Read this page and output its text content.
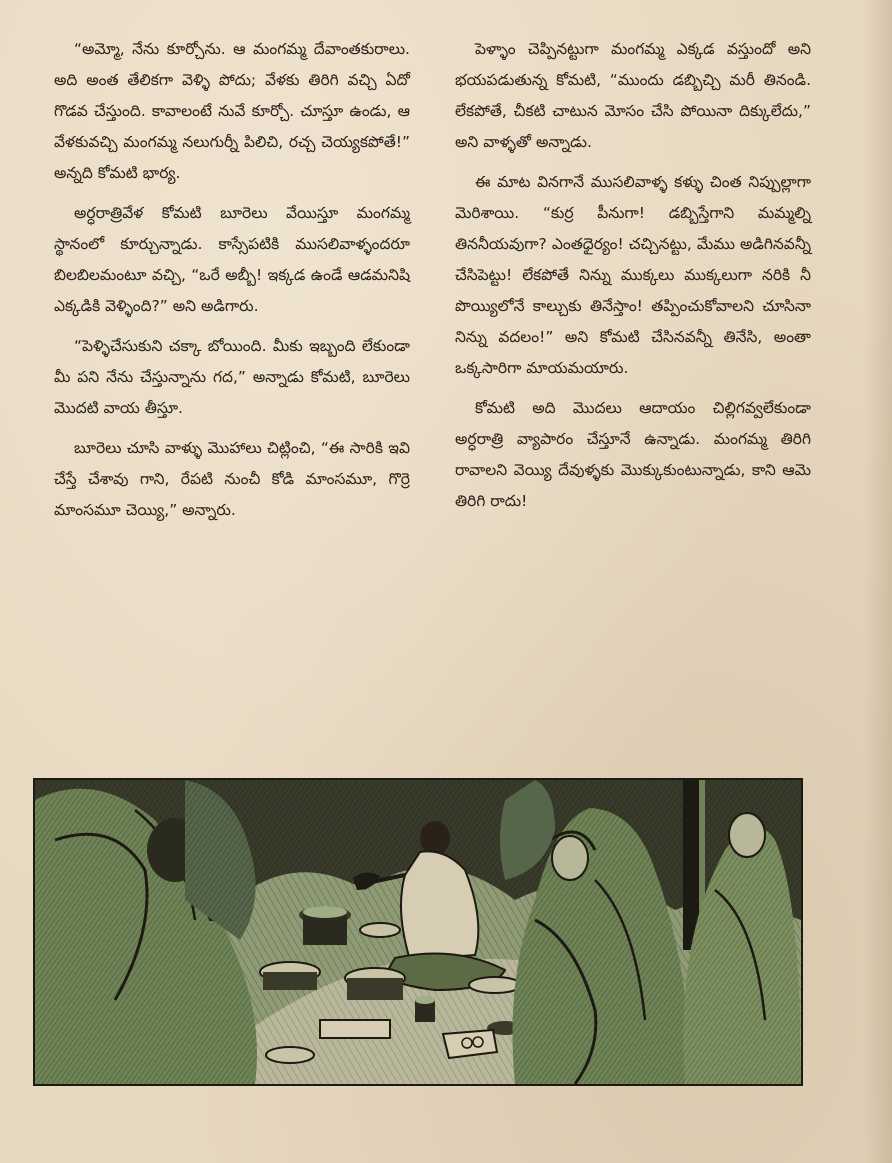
“అమ్మో, నేను కూర్చోను. ఆ మంగమ్మ దేవాంతకురాలు. అది అంత తేలికగా వెళ్ళి పోదు; వేళకు తిరిగి వచ్చి ఏదో గొడవ చేస్తుంది. కావాలంటే నువే కూర్చో. చూస్తూ ఉండు, ఆ వేళకువచ్చి మంగమ్మ నలుగుర్నీ పిలిచి, రచ్చ చెయ్యకపోతే!” అన్నది కోమటి భార్య.

అర్ధరాత్రివేళ కోమటి బూరెలు వేయిస్తూ మంగమ్మ స్థానంలో కూర్చున్నాడు. కాస్సేపటికి ముసలివాళ్ళందరూ బిలబిలమంటూ వచ్చి, “ఒరే అబ్బీ! ఇక్కడ ఉండే ఆడమనిషి ఎక్కడికి వెళ్ళింది?” అని అడిగారు.

“పెళ్ళిచేసుకుని చక్కా బోయింది. మీకు ఇబ్బంది లేకుండా మీ పని నేను చేస్తున్నాను గద,” అన్నాడు కోమటి, బూరెలు మొదటి వాయ తీస్తూ.

బూరెలు చూసి వాళ్ళు మొహాలు చిట్లించి, “ఈ సారికి ఇవి చేస్తే చేశావు గాని, రేపటి నుంచీ కోడి మాంసమూ, గొర్రె మాంసమూ చెయ్యి,” అన్నారు.

పెళ్ళాం చెప్పినట్టుగా మంగమ్మ ఎక్కడ వస్తుందో అని భయపడుతున్న కోమటి, “ముందు డబ్బిచ్చి మరీ తినండి. లేకపోతే, చీకటి చాటున మోసం చేసి పోయినా దిక్కులేదు,” అని వాళ్ళతో అన్నాడు.

ఈ మాట వినగానే ముసలివాళ్ళ కళ్ళు చింత నిప్పుల్లాగా మెరిశాయి. “కుర్ర పీనుగా! డబ్బిస్తేగాని మమ్మల్ని తిననీయవుగా? ఎంతధైర్యం! చచ్చినట్టు, మేము అడిగినవన్నీ చేసిపెట్టు! లేకపోతే నిన్ను ముక్కలు ముక్కలుగా నరికి నీ పొయ్యిలోనే కాల్చుకు తినేస్తాం! తప్పించుకోవాలని చూసినా నిన్ను వదలం!” అని కోమటి చేసినవన్నీ తినేసి, అంతా ఒక్కసారిగా మాయమయారు.

కోమటి అది మొదలు ఆదాయం చిల్లిగవ్వలేకుండా అర్ధరాత్రి వ్యాపారం చేస్తూనే ఉన్నాడు. మంగమ్మ తిరిగి రావాలని వెయ్యి దేవుళ్ళకు మొక్కుకుంటున్నాడు, కాని ఆమె తిరిగి రాదు!
